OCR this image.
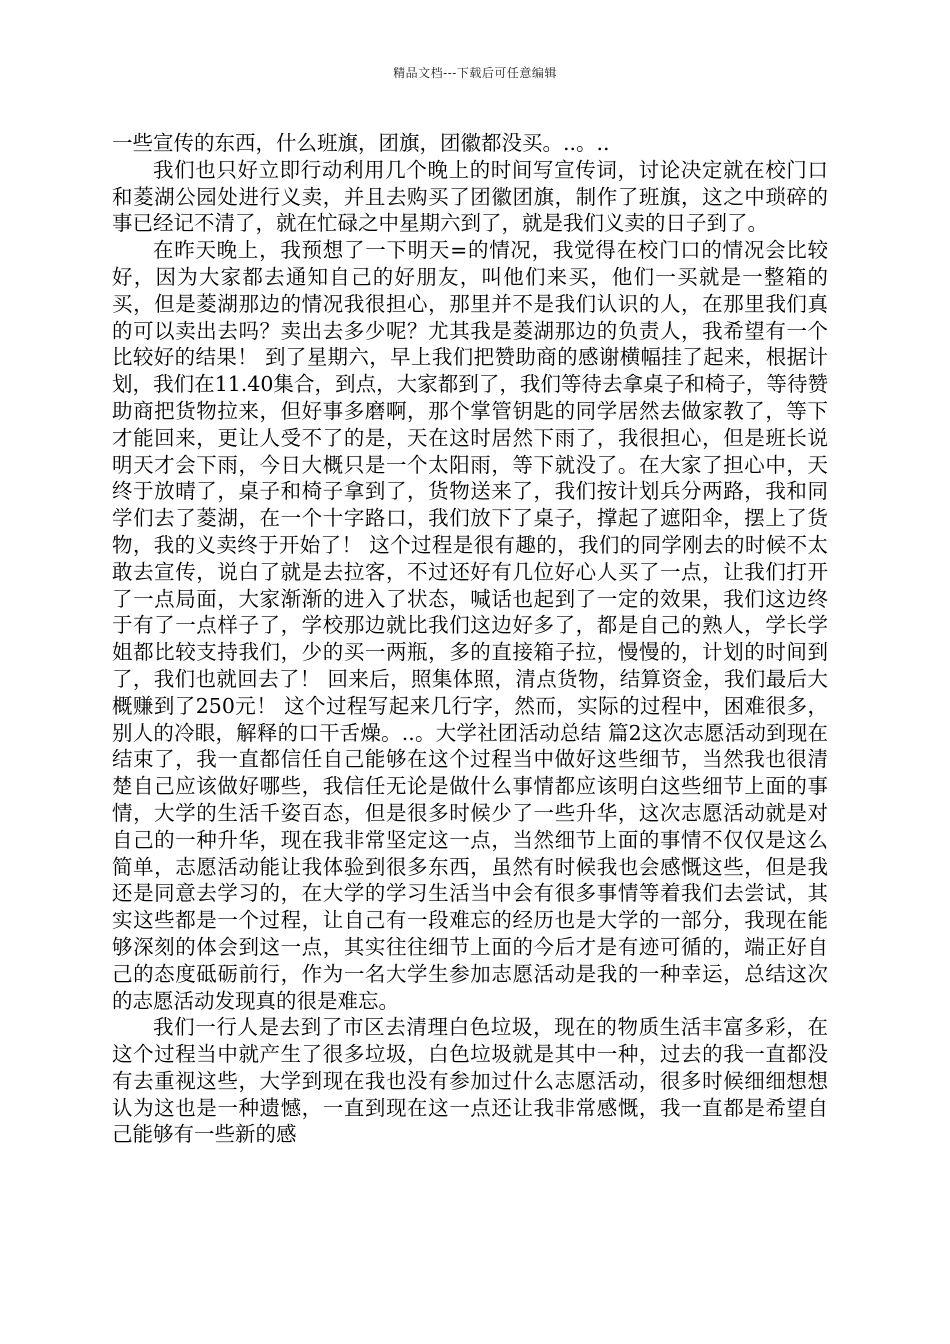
精品文档---下载后可任意编辑

一些宣传的东西，什么班旗，团旗，团徽都没买。..。..

我们也只好立即行动利用几个晚上的时间写宣传词，讨论决定就在校门口和菱湖公园处进行义卖，并且去购买了团徽团旗，制作了班旗，这之中琐碎的事已经记不清了，就在忙碌之中星期六到了，就是我们义卖的日子到了。

在昨天晚上，我预想了一下明天=的情况，我觉得在校门口的情况会比较好，因为大家都去通知自己的好朋友，叫他们来买，他们一买就是一整箱的买，但是菱湖那边的情况我很担心，那里并不是我们认识的人，在那里我们真的可以卖出去吗？卖出去多少呢？尤其我是菱湖那边的负责人，我希望有一个比较好的结果！ 到了星期六，早上我们把赞助商的感谢横幅挂了起来，根据计划，我们在11.40集合，到点，大家都到了，我们等待去拿桌子和椅子，等待赞助商把货物拉来，但好事多磨啊，那个掌管钥匙的同学居然去做家教了，等下才能回来，更让人受不了的是，天在这时居然下雨了，我很担心，但是班长说明天才会下雨，今日大概只是一个太阳雨，等下就没了。在大家了担心中，天终于放晴了，桌子和椅子拿到了，货物送来了，我们按计划兵分两路，我和同学们去了菱湖，在一个十字路口，我们放下了桌子，撑起了遮阳伞，摆上了货物，我的义卖终于开始了！ 这个过程是很有趣的，我们的同学刚去的时候不太敢去宣传，说白了就是去拉客，不过还好有几位好心人买了一点，让我们打开了一点局面，大家渐渐的进入了状态，喊话也起到了一定的效果，我们这边终于有了一点样子了，学校那边就比我们这边好多了，都是自己的熟人，学长学姐都比较支持我们，少的买一两瓶，多的直接箱子拉，慢慢的，计划的时间到了，我们也就回去了！ 回来后，照集体照，清点货物，结算资金，我们最后大概赚到了250元！ 这个过程写起来几行字，然而，实际的过程中，困难很多，别人的冷眼，解释的口干舌燥。..。大学社团活动总结 篇2这次志愿活动到现在结束了，我一直都信任自己能够在这个过程当中做好这些细节，当然我也很清楚自己应该做好哪些，我信任无论是做什么事情都应该明白这些细节上面的事情，大学的生活千姿百态，但是很多时候少了一些升华，这次志愿活动就是对自己的一种升华，现在我非常坚定这一点，当然细节上面的事情不仅仅是这么简单，志愿活动能让我体验到很多东西，虽然有时候我也会感慨这些，但是我还是同意去学习的，在大学的学习生活当中会有很多事情等着我们去尝试，其实这些都是一个过程，让自己有一段难忘的经历也是大学的一部分，我现在能够深刻的体会到这一点，其实往往细节上面的今后才是有迹可循的，端正好自己的态度砥砺前行，作为一名大学生参加志愿活动是我的一种幸运，总结这次的志愿活动发现真的很是难忘。

我们一行人是去到了市区去清理白色垃圾，现在的物质生活丰富多彩，在这个过程当中就产生了很多垃圾，白色垃圾就是其中一种，过去的我一直都没有去重视这些，大学到现在我也没有参加过什么志愿活动，很多时候细细想想认为这也是一种遗憾，一直到现在这一点还让我非常感慨，我一直都是希望自己能够有一些新的感
